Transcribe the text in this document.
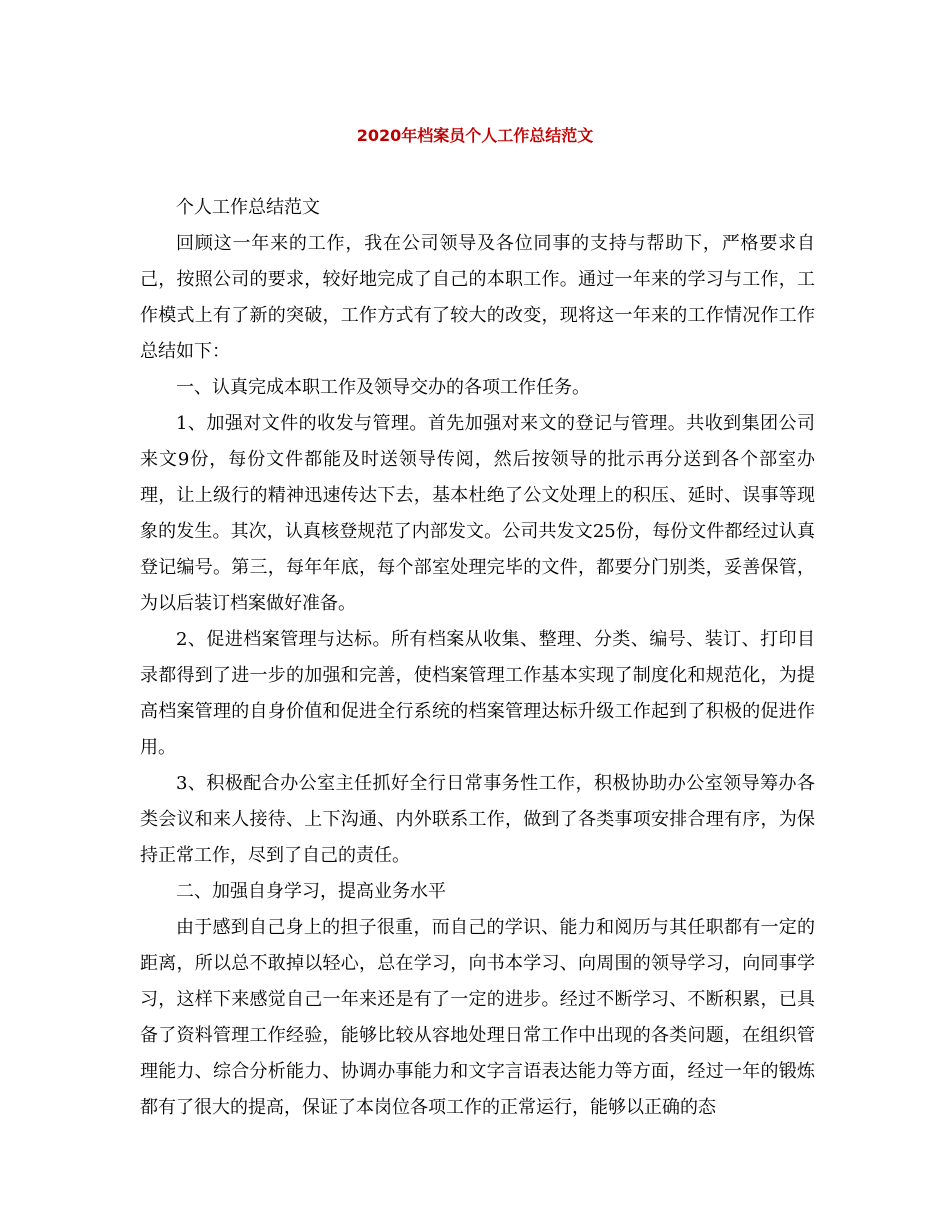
2020年档案员个人工作总结范文

个人工作总结范文

回顾这一年来的工作，我在公司领导及各位同事的支持与帮助下，严格要求自己，按照公司的要求，较好地完成了自己的本职工作。通过一年来的学习与工作，工作模式上有了新的突破，工作方式有了较大的改变，现将这一年来的工作情况作工作总结如下：

一、认真完成本职工作及领导交办的各项工作任务。

1、加强对文件的收发与管理。首先加强对来文的登记与管理。共收到集团公司来文9份，每份文件都能及时送领导传阅，然后按领导的批示再分送到各个部室办理，让上级行的精神迅速传达下去，基本杜绝了公文处理上的积压、延时、误事等现象的发生。其次，认真核登规范了内部发文。公司共发文25份，每份文件都经过认真登记编号。第三，每年年底，每个部室处理完毕的文件，都要分门别类，妥善保管，为以后装订档案做好准备。

2、促进档案管理与达标。所有档案从收集、整理、分类、编号、装订、打印目录都得到了进一步的加强和完善，使档案管理工作基本实现了制度化和规范化，为提高档案管理的自身价值和促进全行系统的档案管理达标升级工作起到了积极的促进作用。

3、积极配合办公室主任抓好全行日常事务性工作，积极协助办公室领导筹办各类会议和来人接待、上下沟通、内外联系工作，做到了各类事项安排合理有序，为保持正常工作，尽到了自己的责任。

二、加强自身学习，提高业务水平

由于感到自己身上的担子很重，而自己的学识、能力和阅历与其任职都有一定的距离，所以总不敢掉以轻心，总在学习，向书本学习、向周围的领导学习，向同事学习，这样下来感觉自己一年来还是有了一定的进步。经过不断学习、不断积累，已具备了资料管理工作经验，能够比较从容地处理日常工作中出现的各类问题，在组织管理能力、综合分析能力、协调办事能力和文字言语表达能力等方面，经过一年的锻炼都有了很大的提高，保证了本岗位各项工作的正常运行，能够以正确的态
